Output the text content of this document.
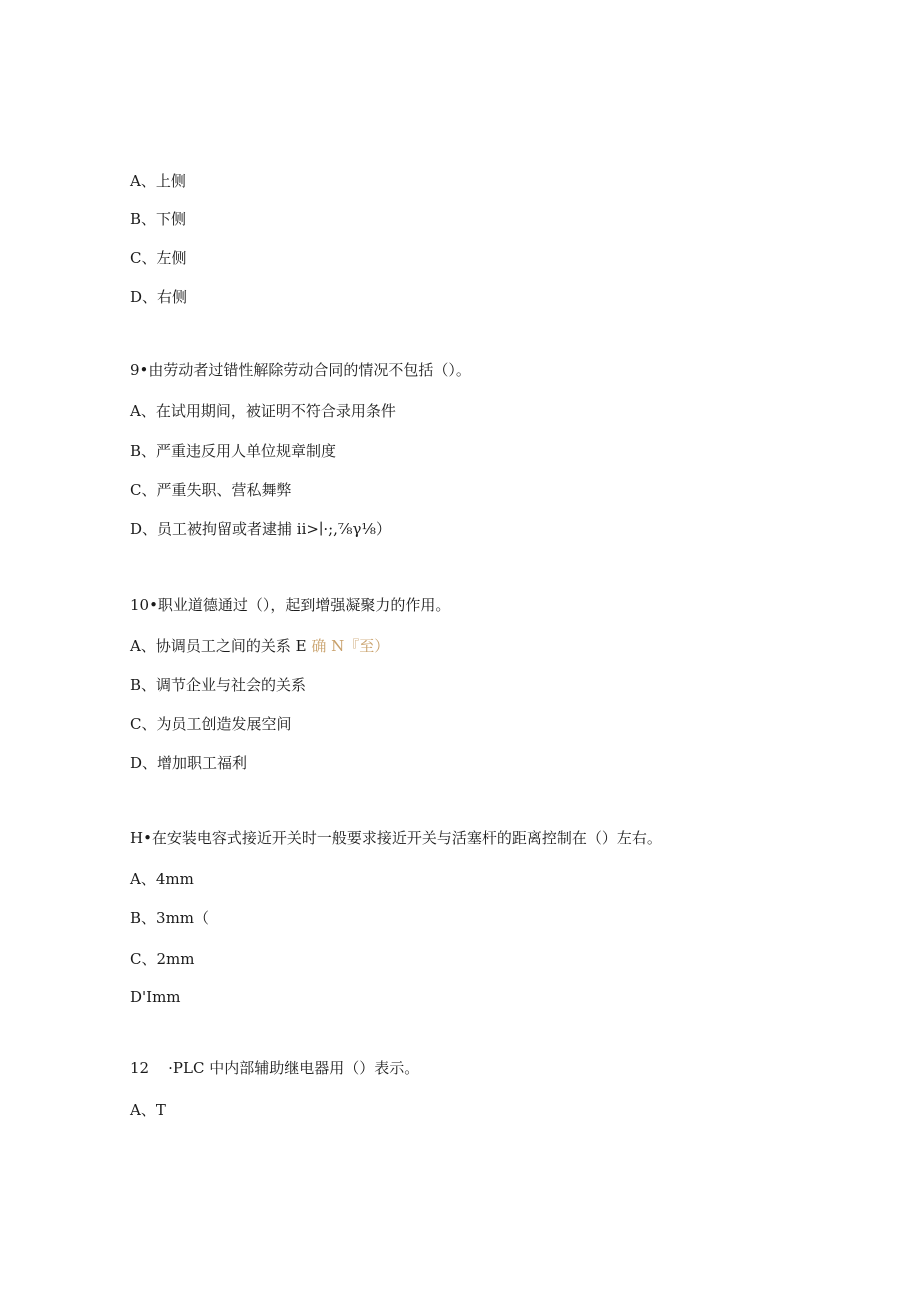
A、上侧
B、下侧
C、左侧
D、右侧
9•由劳动者过错性解除劳动合同的情况不包括（）。
A、在试用期间，被证明不符合录用条件
B、严重违反用人单位规章制度
C、严重失职、营私舞弊
D、员工被拘留或者逮捕 ii>∣·;,⅞γ⅛）
10•职业道德通过（），起到增强凝聚力的作用。
A、协调员工之间的关系 E 确 N『至）
B、调节企业与社会的关系
C、为员工创造发展空间
D、增加职工福利
H•在安装电容式接近开关时一般要求接近开关与活塞杆的距离控制在（）左右。
A、4mm
B、3mm（
C、2mm
D'Imm
12    ·PLC 中内部辅助继电器用（）表示。
A、T
